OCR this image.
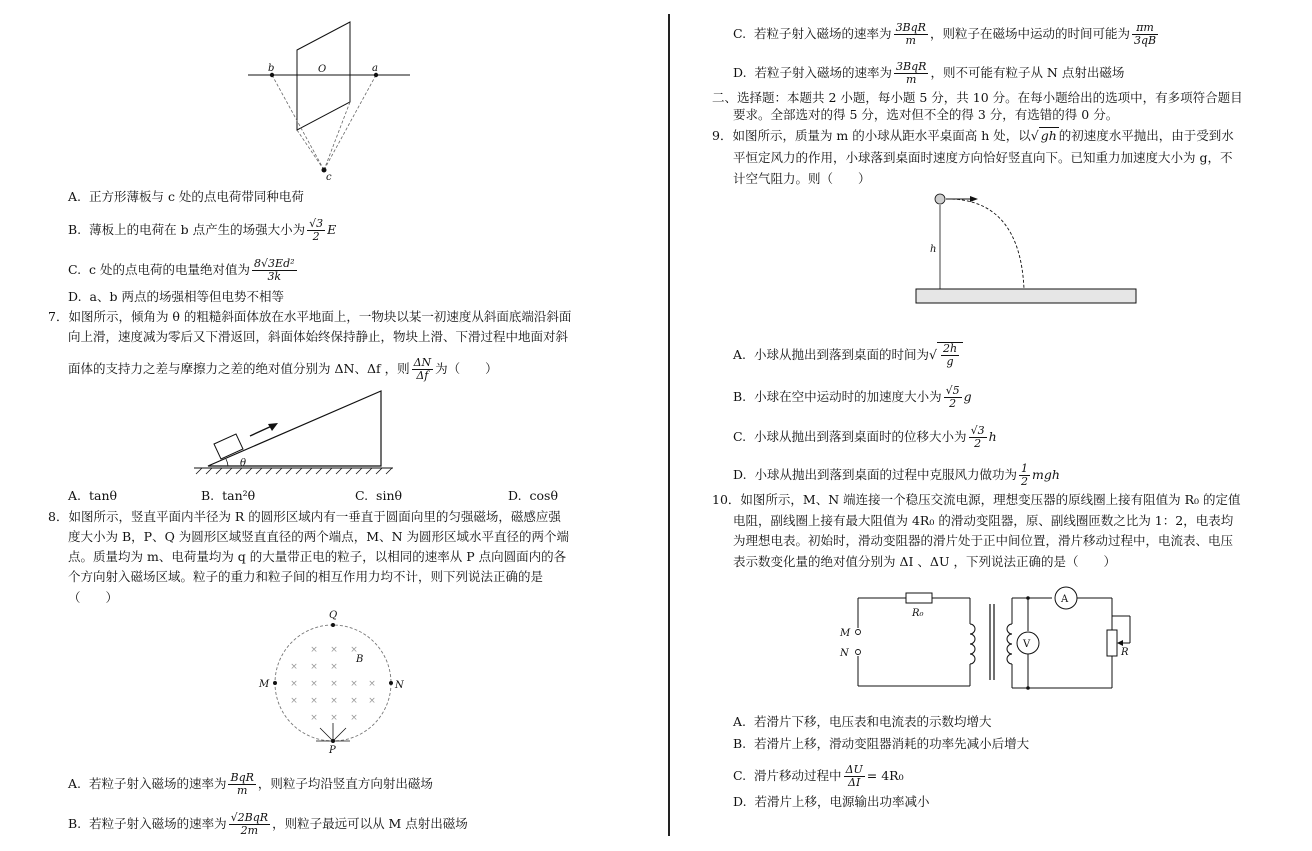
b	O	a
c
A. 正方形薄板与 c 处的点电荷带同种电荷
B. 薄板上的电荷在 b 点产生的场强大小为 $\frac{√3}{2}$ E
C. c 处的点电荷的电量绝对值为 $\frac{\text{8√3Ed²}}{3k}$
D. a、b 两点的场强相等但电势不相等
7．如图所示，倾角为 θ 的粗糙斜面体放在水平地面上，一物块以某一初速度从斜面底端沿斜面
向上滑，速度减为零后又下滑返回，斜面体始终保持静止，物块上滑、下滑过程中地面对斜
面体的支持力之差与摩擦力之差的绝对值分别为 ΔN、Δf ，则 $\frac{\Delta N}{\Delta f}$ 为（　　）
θ
A. tanθ	B. tan²θ	C. sinθ	D. cosθ
8．如图所示，竖直平面内半径为 R 的圆形区域内有一垂直于圆面向里的匀强磁场，磁感应强
度大小为 B，P、Q 为圆形区域竖直直径的两个端点，M、N 为圆形区域水平直径的两个端
点。质量均为 m、电荷量均为 q 的大量带正电的粒子，以相同的速率从 P 点向圆面内的各
个方向射入磁场区域。粒子的重力和粒子间的相互作用力均不计，则下列说法正确的是
（　　）
× × ×
× × ×
× × × × ×
× × × × ×
× × ×
Q
M	N
P
B
A. 若粒子射入磁场的速率为 $\frac{\text{BqR}}{m}$ ，则粒子均沿竖直方向射出磁场
B. 若粒子射入磁场的速率为 $\frac{\text{√2BqR}}{2m}$ ，则粒子最远可以从 M 点射出磁场
C. 若粒子射入磁场的速率为 $\frac{\text{3BqR}}{m}$ ，则粒子在磁场中运动的时间可能为 $\frac{\pi m}{3qB}$
D. 若粒子射入磁场的速率为 $\frac{\text{3BqR}}{m}$ ，则不可能有粒子从 N 点射出磁场
二、选择题：本题共 2 小题，每小题 5 分，共 10 分。在每小题给出的选项中，有多项符合题目
要求。全部选对的得 5 分，选对但不全的得 3 分，有选错的得 0 分。
9．如图所示，质量为 m 的小球从距水平桌面高 h 处，以√ gh 的初速度水平抛出，由于受到水
平恒定风力的作用，小球落到桌面时速度方向恰好竖直向下。已知重力加速度大小为 g，不
计空气阻力。则（　　）
h
A. 小球从抛出到落到桌面的时间为√ $\frac{2h}{g}$
B. 小球在空中运动时的加速度大小为 $\frac{√5}{2}$ g
C. 小球从抛出到落到桌面时的位移大小为 $\frac{√3}{2}$ h
D. 小球从抛出到落到桌面的过程中克服风力做功为 $\frac{1}{2}$ mgh
10．如图所示，M、N 端连接一个稳压交流电源，理想变压器的原线圈上接有阻值为 R₀ 的定值
电阻，副线圈上接有最大阻值为 4R₀ 的滑动变阻器，原、副线圈匝数之比为 1：2，电表均
为理想电表。初始时，滑动变阻器的滑片处于正中间位置，滑片移动过程中，电流表、电压
表示数变化量的绝对值分别为 ΔI 、ΔU ，下列说法正确的是（　　）
R₀
M
N
A
V
R
A. 若滑片下移，电压表和电流表的示数均增大
B. 若滑片上移，滑动变阻器消耗的功率先减小后增大
C. 滑片移动过程中 $\frac{\Delta U}{\Delta I} = 4R_0$
D. 若滑片上移，电源输出功率减小
